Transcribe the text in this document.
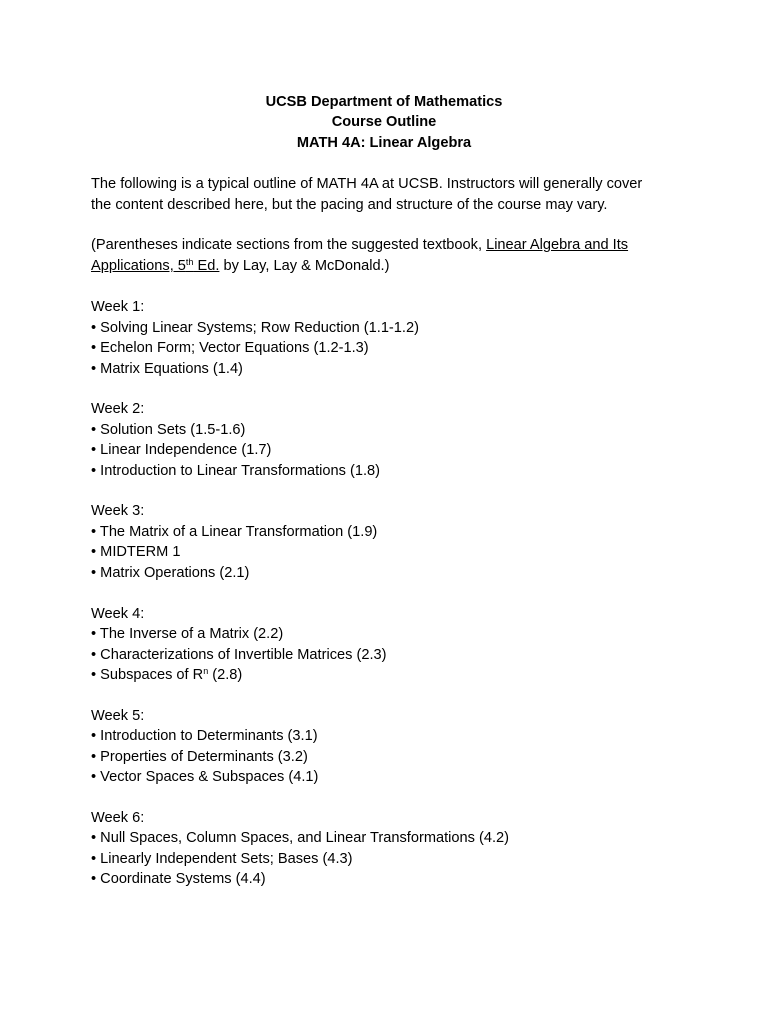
UCSB Department of Mathematics
Course Outline
MATH 4A: Linear Algebra
The following is a typical outline of MATH 4A at UCSB. Instructors will generally cover
the content described here, but the pacing and structure of the course may vary.
(Parentheses indicate sections from the suggested textbook, Linear Algebra and Its
Applications, 5th Ed. by Lay, Lay & McDonald.)
Week 1:
• Solving Linear Systems; Row Reduction (1.1-1.2)
• Echelon Form; Vector Equations (1.2-1.3)
• Matrix Equations (1.4)
Week 2:
• Solution Sets (1.5-1.6)
• Linear Independence (1.7)
• Introduction to Linear Transformations (1.8)
Week 3:
• The Matrix of a Linear Transformation (1.9)
• MIDTERM 1
• Matrix Operations (2.1)
Week 4:
• The Inverse of a Matrix (2.2)
• Characterizations of Invertible Matrices (2.3)
• Subspaces of $R^n$ (2.8)
Week 5:
• Introduction to Determinants (3.1)
• Properties of Determinants (3.2)
• Vector Spaces & Subspaces (4.1)
Week 6:
• Null Spaces, Column Spaces, and Linear Transformations (4.2)
• Linearly Independent Sets; Bases (4.3)
• Coordinate Systems (4.4)
